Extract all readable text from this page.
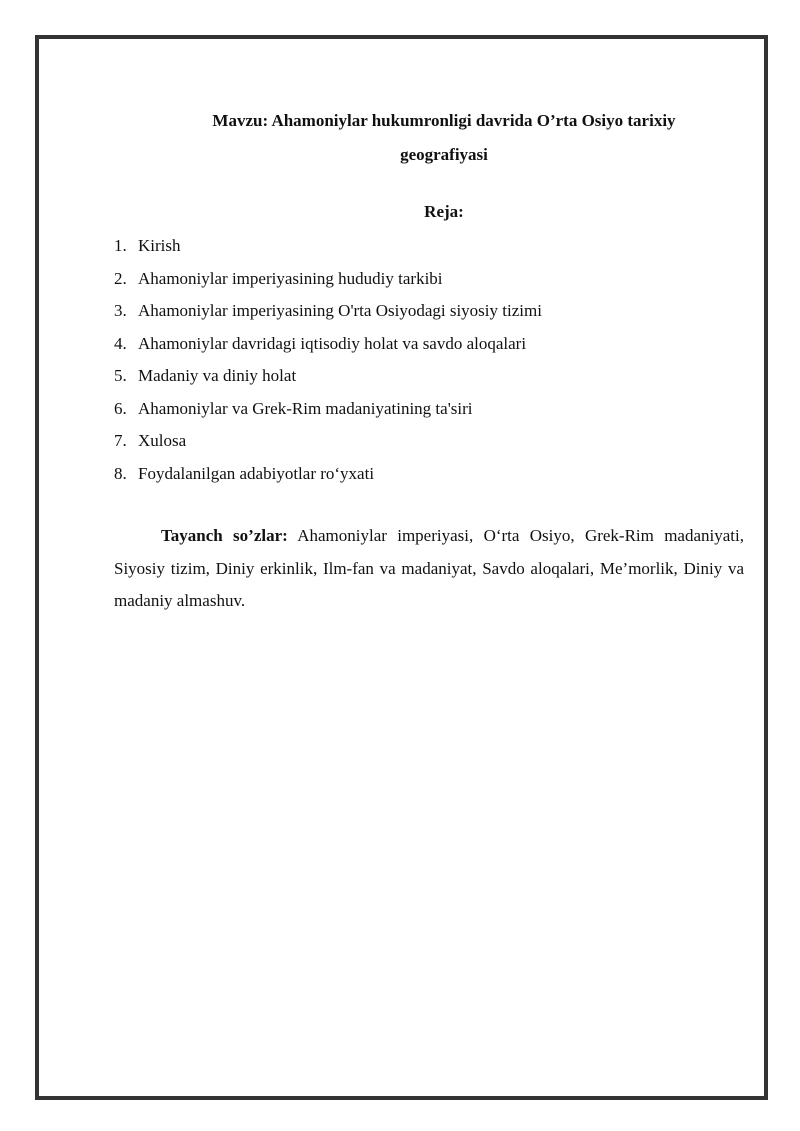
Mavzu: Ahamoniylar hukumronligi davrida O’rta Osiyo tarixiy
geografiyasi
Reja:
1. Kirish
2. Ahamoniylar imperiyasining hududiy tarkibi
3. Ahamoniylar imperiyasining O'rta Osiyodagi siyosiy tizimi
4. Ahamoniylar davridagi iqtisodiy holat va savdo aloqalari
5. Madaniy va diniy holat
6. Ahamoniylar va Grek-Rim madaniyatining ta'siri
7. Xulosa
8. Foydalanilgan adabiyotlar ro‘yxati

Tayanch so’zlar: Ahamoniylar imperiyasi, O‘rta Osiyo, Grek-Rim madaniyati, Siyosiy tizim, Diniy erkinlik, Ilm-fan va madaniyat, Savdo aloqalari, Me’morlik, Diniy va madaniy almashuv.
